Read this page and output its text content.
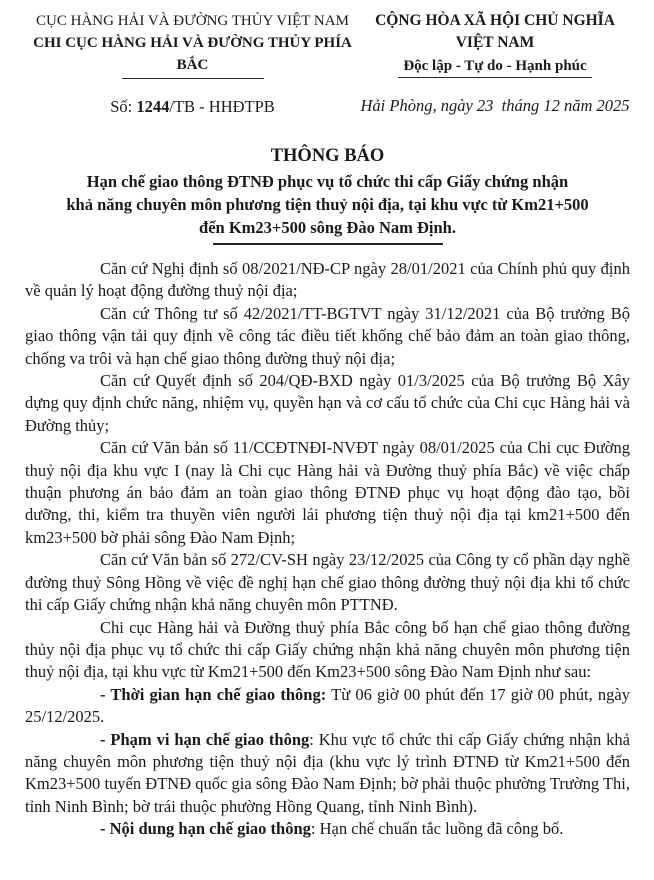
CỤC HÀNG HẢI VÀ ĐƯỜNG THỦY VIỆT NAM
CHI CỤC HÀNG HẢI VÀ ĐƯỜNG THỦY PHÍA BẮC
Số: 1244/TB - HHĐTPB
CỘNG HÒA XÃ HỘI CHỦ NGHĨA VIỆT NAM
Độc lập - Tự do - Hạnh phúc
Hải Phòng, ngày 23  tháng 12 năm 2025
THÔNG BÁO
Hạn chế giao thông ĐTNĐ phục vụ tổ chức thi cấp Giấy chứng nhận
khả năng chuyên môn phương tiện thuỷ nội địa, tại khu vực từ Km21+500
đến Km23+500 sông Đào Nam Định.

Căn cứ Nghị định số 08/2021/NĐ-CP ngày 28/01/2021 của Chính phủ quy định về quản lý hoạt động đường thuỷ nội địa;

Căn cứ Thông tư số 42/2021/TT-BGTVT ngày 31/12/2021 của Bộ trưởng Bộ giao thông vận tải quy định về công tác điều tiết khống chế bảo đảm an toàn giao thông, chống va trôi và hạn chế giao thông đường thuỷ nội địa;

Căn cứ Quyết định số 204/QĐ-BXD ngày 01/3/2025 của Bộ trưởng Bộ Xây dựng quy định chức năng, nhiệm vụ, quyền hạn và cơ cấu tổ chức của Chi cục Hàng hải và Đường thủy;

Căn cứ Văn bản số 11/CCĐTNĐI-NVĐT ngày 08/01/2025 của Chi cục Đường thuỷ nội địa khu vực I (nay là Chi cục Hàng hải và Đường thuỷ phía Bắc) về việc chấp thuận phương án bảo đảm an toàn giao thông ĐTNĐ phục vụ hoạt động đào tạo, bồi dưỡng, thi, kiểm tra thuyền viên người lái phương tiện thuỷ nội địa tại km21+500 đến km23+500 bờ phải sông Đào Nam Định;

Căn cứ Văn bản số 272/CV-SH ngày 23/12/2025 của Công ty cổ phần dạy nghề đường thuỷ Sông Hồng về việc đề nghị hạn chế giao thông đường thuỷ nội địa khi tổ chức thi cấp Giấy chứng nhận khả năng chuyên môn PTTNĐ.

Chi cục Hàng hải và Đường thuỷ phía Bắc công bố hạn chế giao thông đường thủy nội địa phục vụ tổ chức thi cấp Giấy chứng nhận khả năng chuyên môn phương tiện thuỷ nội địa, tại khu vực từ Km21+500 đến Km23+500 sông Đào Nam Định như sau:

- Thời gian hạn chế giao thông: Từ 06 giờ 00 phút đến 17 giờ 00 phút, ngày 25/12/2025.

- Phạm vi hạn chế giao thông: Khu vực tổ chức thi cấp Giấy chứng nhận khả năng chuyên môn phương tiện thuỷ nội địa (khu vực lý trình ĐTNĐ từ Km21+500 đến Km23+500 tuyến ĐTNĐ quốc gia sông Đào Nam Định; bờ phải thuộc phường Trường Thi, tỉnh Ninh Bình; bờ trái thuộc phường Hồng Quang, tỉnh Ninh Bình).

- Nội dung hạn chế giao thông: Hạn chế chuẩn tắc luồng đã công bố.
